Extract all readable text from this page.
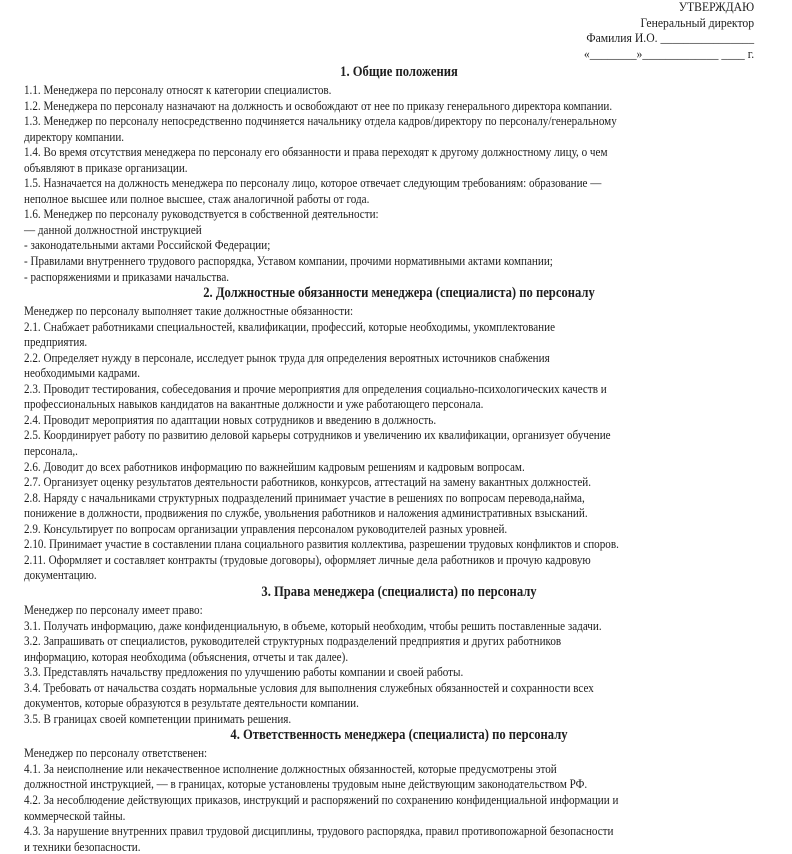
УТВЕРЖДАЮ
Генеральный директор
Фамилия И.О. ________________
«________»_____________ ____ г.
1. Общие положения
1.1. Менеджера по персоналу относят к категории специалистов.
1.2. Менеджера по персоналу назначают на должность и освобождают от нее по приказу генерального директора компании.
1.3. Менеджер по персоналу непосредственно подчиняется начальнику отдела кадров/директору по персоналу/генеральному
директору компании.
1.4. Во время отсутствия менеджера по персоналу его обязанности и права переходят к другому должностному лицу, о чем
объявляют в приказе организации.
1.5. Назначается на должность менеджера по персоналу лицо, которое отвечает следующим требованиям: образование —
неполное высшее или полное высшее, стаж аналогичной работы от года.
1.6. Менеджер по персоналу руководствуется в собственной деятельности:
— данной должностной инструкцией
- законодательными актами Российской Федерации;
- Правилами внутреннего трудового распорядка, Уставом компании, прочими нормативными актами компании;
- распоряжениями и приказами начальства.
2. Должностные обязанности менеджера (специалиста) по персоналу
Менеджер по персоналу выполняет такие должностные обязанности:
2.1. Снабжает работниками специальностей, квалификации, профессий, которые необходимы, укомплектование
предприятия.
2.2. Определяет нужду в персонале, исследует рынок труда для определения вероятных источников снабжения
необходимыми кадрами.
2.3. Проводит тестирования, собеседования и прочие мероприятия для определения социально-психологических качеств и
профессиональных навыков кандидатов на вакантные должности и уже работающего персонала.
2.4. Проводит мероприятия по адаптации новых сотрудников и введению в должность.
2.5. Координирует работу по развитию деловой карьеры сотрудников и увеличению их квалификации, организует обучение
персонала,.
2.6. Доводит до всех работников информацию по важнейшим кадровым решениям и кадровым вопросам.
2.7. Организует оценку результатов деятельности работников, конкурсов, аттестаций на замену вакантных должностей.
2.8. Наряду с начальниками структурных подразделений принимает участие в решениях по вопросам перевода,найма,
понижение в должности, продвижения по службе, увольнения работников и наложения административных взысканий.
2.9. Консультирует по вопросам организации управления персоналом руководителей разных уровней.
2.10. Принимает участие в составлении плана социального развития коллектива, разрешении трудовых конфликтов и споров.
2.11. Оформляет и составляет контракты (трудовые договоры), оформляет личные дела работников и прочую кадровую
документацию.
3. Права менеджера (специалиста) по персоналу
Менеджер по персоналу имеет право:
3.1. Получать информацию, даже конфиденциальную, в объеме, который необходим, чтобы решить поставленные задачи.
3.2. Запрашивать от специалистов, руководителей структурных подразделений предприятия и других работников
информацию, которая необходима (объяснения, отчеты и так далее).
3.3. Представлять начальству предложения по улучшению работы компании и своей работы.
3.4. Требовать от начальства создать нормальные условия для выполнения служебных обязанностей и сохранности всех
документов, которые образуются в результате деятельности компании.
3.5. В границах своей компетенции принимать решения.
4. Ответственность менеджера (специалиста) по персоналу
Менеджер по персоналу ответственен:
4.1. За неисполнение или некачественное исполнение должностных обязанностей, которые предусмотрены этой
должностной инструкцией, — в границах, которые установлены трудовым ныне действующим законодательством РФ.
4.2. За несоблюдение действующих приказов, инструкций и распоряжений по сохранению конфиденциальной информации и
коммерческой тайны.
4.3. За нарушение внутренних правил трудовой дисциплины, трудового распорядка, правил противопожарной безопасности
и техники безопасности.
